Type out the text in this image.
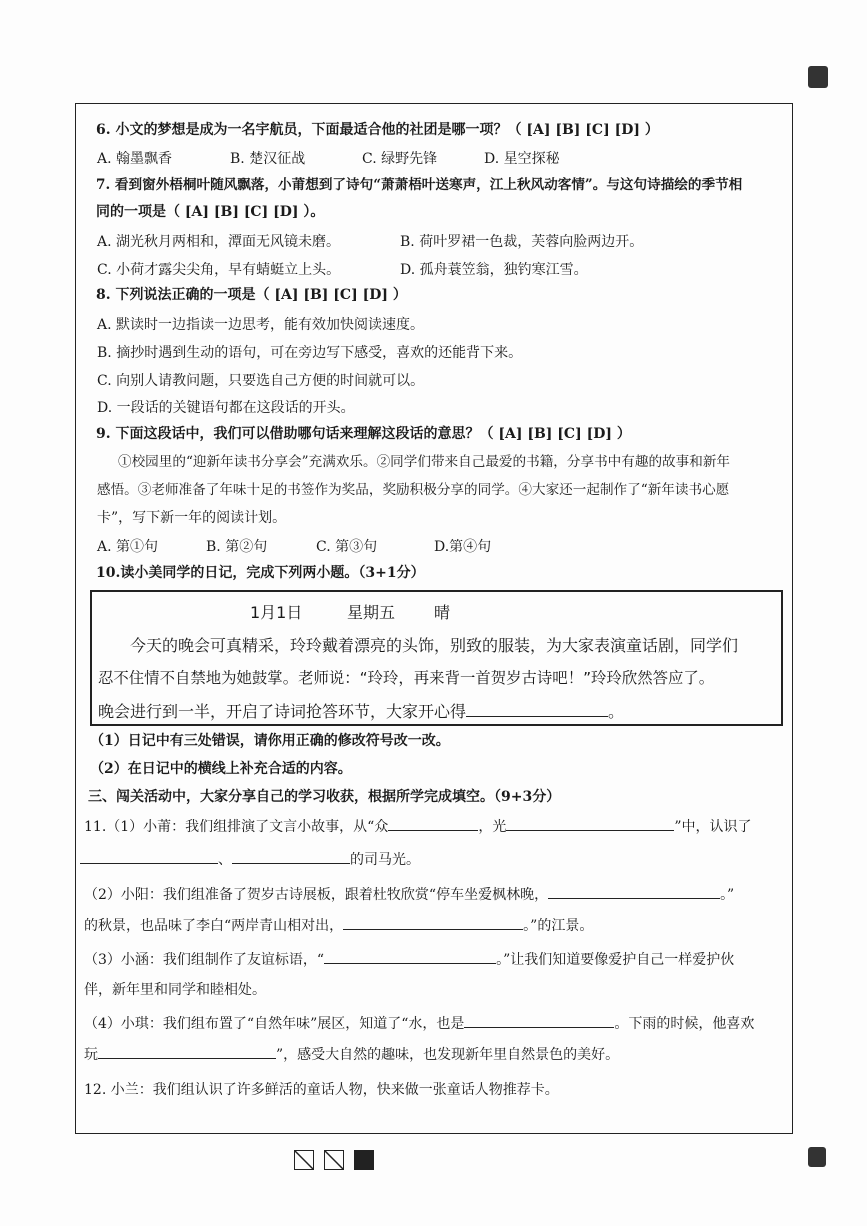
6. 小文的梦想是成为一名宇航员，下面最适合他的社团是哪一项？（ [A] [B] [C] [D] ）
A. 翰墨飘香	B. 楚汉征战	C. 绿野先锋	D. 星空探秘
7. 看到窗外梧桐叶随风飘落，小莆想到了诗句“萧萧梧叶送寒声，江上秋风动客情”。与这句诗描绘的季节相
同的一项是（ [A] [B] [C] [D] ）。
A. 湖光秋月两相和，潭面无风镜未磨。	B. 荷叶罗裙一色裁，芙蓉向脸两边开。
C. 小荷才露尖尖角，早有蜻蜓立上头。	D. 孤舟蓑笠翁，独钓寒江雪。
8. 下列说法正确的一项是（ [A] [B] [C] [D] ）
A. 默读时一边指读一边思考，能有效加快阅读速度。
B. 摘抄时遇到生动的语句，可在旁边写下感受，喜欢的还能背下来。
C. 向别人请教问题，只要选自己方便的时间就可以。
D. 一段话的关键语句都在这段话的开头。
9. 下面这段话中，我们可以借助哪句话来理解这段话的意思？（ [A] [B] [C] [D] ）
①校园里的“迎新年读书分享会”充满欢乐。②同学们带来自己最爱的书籍，分享书中有趣的故事和新年
感悟。③老师准备了年味十足的书签作为奖品，奖励积极分享的同学。④大家还一起制作了“新年读书心愿
卡”，写下新一年的阅读计划。
A. 第①句	B. 第②句	C. 第③句	D.第④句
10.读小美同学的日记，完成下列两小题。（3+1分）
1月1日	星期五 晴
今天的晚会可真精采，玲玲戴着漂亮的头饰，别致的服装，为大家表演童话剧，同学们
忍不住情不自禁地为她鼓掌。老师说：“玲玲，再来背一首贺岁古诗吧！”玲玲欣然答应了。
晚会进行到一半，开启了诗词抢答环节，大家开心得	。
（1）日记中有三处错误，请你用正确的修改符号改一改。
（2）在日记中的横线上补充合适的内容。
三、闯关活动中，大家分享自己的学习收获，根据所学完成填空。（9+3分）
11.（1）小莆：我们组排演了文言小故事，从“众	，光	”中，认识了
、	的司马光。
（2）小阳：我们组准备了贺岁古诗展板，跟着杜牧欣赏“停车坐爱枫林晚，	。”
的秋景，也品味了李白“两岸青山相对出，	。”的江景。
（3）小涵：我们组制作了友谊标语，“	。”让我们知道要像爱护自己一样爱护伙
伴，新年里和同学和睦相处。
（4）小琪：我们组布置了“自然年味”展区，知道了“水，也是	。下雨的时候，他喜欢
玩	”，感受大自然的趣味，也发现新年里自然景色的美好。
12. 小兰：我们组认识了许多鲜活的童话人物，快来做一张童话人物推荐卡。
